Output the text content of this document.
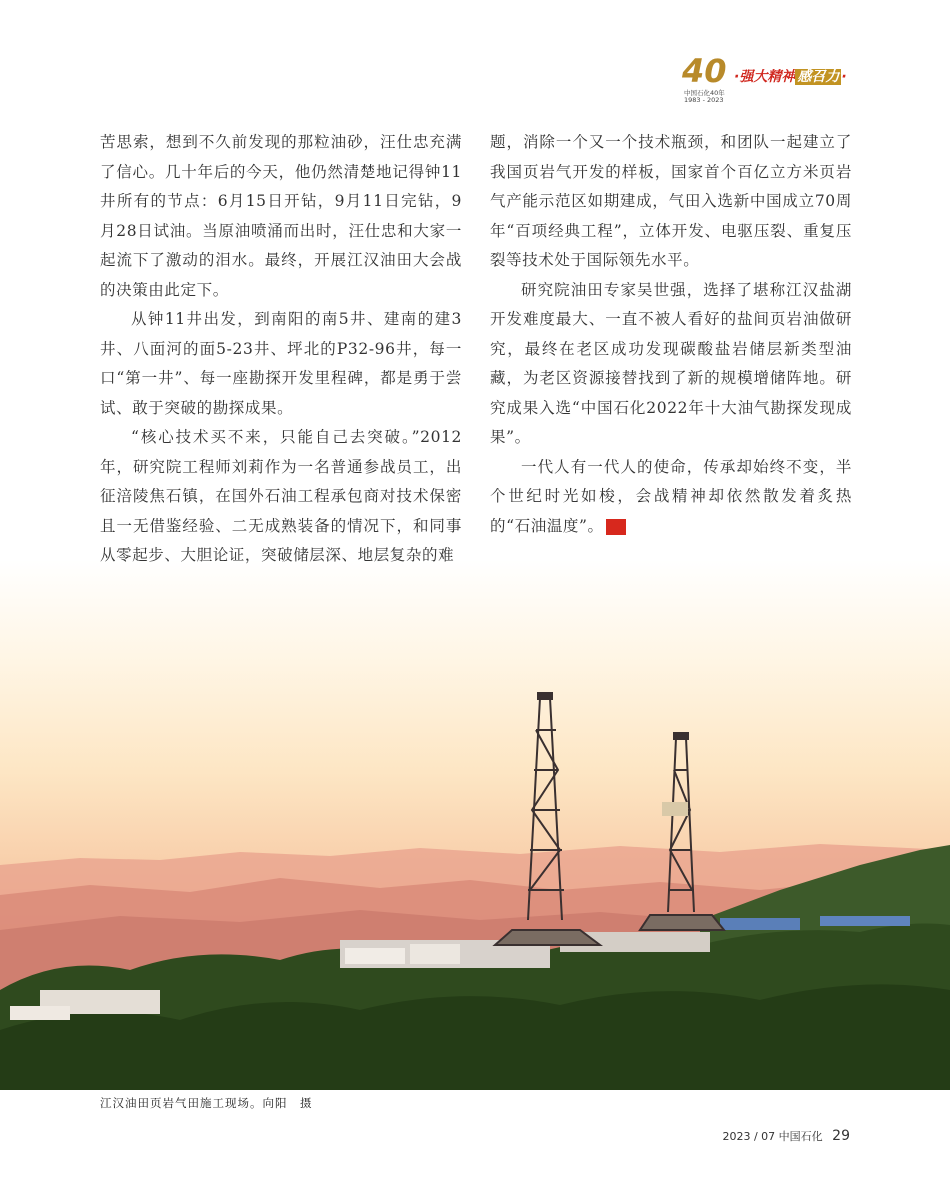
40
中国石化40年
1983 - 2023
·强大精神 感召力 ·

苦思索，想到不久前发现的那粒油砂，汪仕忠充满了信心。几十年后的今天，他仍然清楚地记得钟11井所有的节点：6月15日开钻，9月11日完钻，9月28日试油。当原油喷涌而出时，汪仕忠和大家一起流下了激动的泪水。最终，开展江汉油田大会战的决策由此定下。

从钟11井出发，到南阳的南5井、建南的建3井、八面河的面5-23井、坪北的P32-96井，每一口“第一井”、每一座勘探开发里程碑，都是勇于尝试、敢于突破的勘探成果。

“核心技术买不来，只能自己去突破。”2012年，研究院工程师刘莉作为一名普通参战员工，出征涪陵焦石镇，在国外石油工程承包商对技术保密且一无借鉴经验、二无成熟装备的情况下，和同事从零起步、大胆论证，突破储层深、地层复杂的难

题，消除一个又一个技术瓶颈，和团队一起建立了我国页岩气开发的样板，国家首个百亿立方米页岩气产能示范区如期建成，气田入选新中国成立70周年“百项经典工程”，立体开发、电驱压裂、重复压裂等技术处于国际领先水平。

研究院油田专家吴世强，选择了堪称江汉盐湖开发难度最大、一直不被人看好的盐间页岩油做研究，最终在老区成功发现碳酸盐岩储层新类型油藏，为老区资源接替找到了新的规模增储阵地。研究成果入选“中国石化2022年十大油气勘探发现成果”。

一代人有一代人的使命，传承却始终不变，半个世纪时光如梭，会战精神却依然散发着炙热的“石油温度”。	石

江汉油田页岩气田施工现场。向阳　摄
2023 / 07 中国石化 29
